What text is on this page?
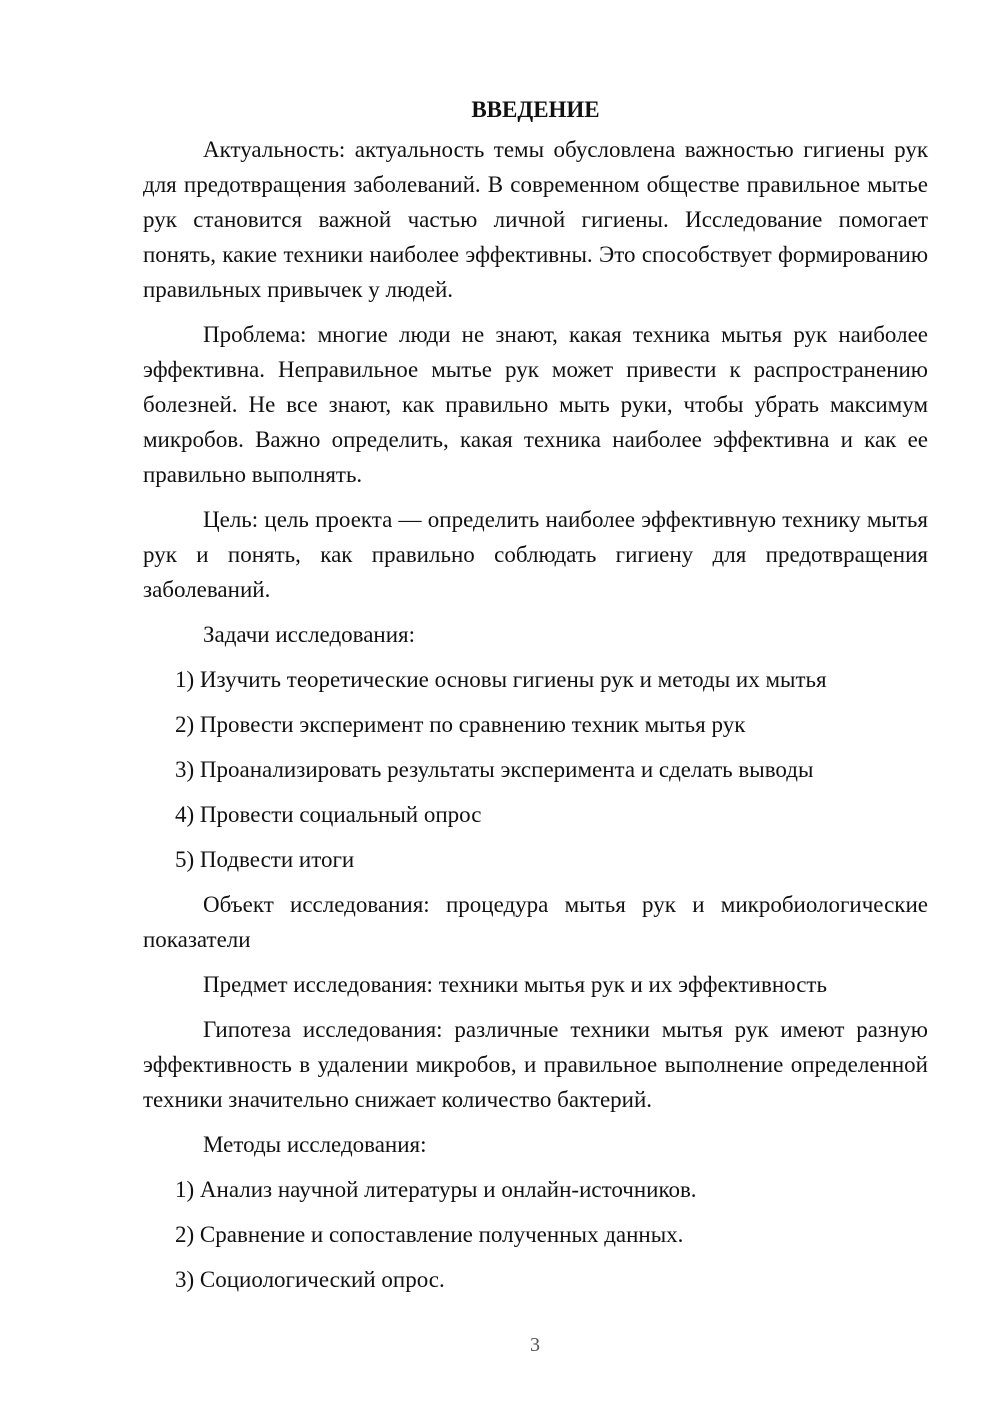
ВВЕДЕНИЕ

Актуальность: актуальность темы обусловлена важностью гигиены рук для предотвращения заболеваний. В современном обществе правильное мытье рук становится важной частью личной гигиены. Исследование помогает понять, какие техники наиболее эффективны. Это способствует формированию правильных привычек у людей.

Проблема: многие люди не знают, какая техника мытья рук наиболее эффективна. Неправильное мытье рук может привести к распространению болезней. Не все знают, как правильно мыть руки, чтобы убрать максимум микробов. Важно определить, какая техника наиболее эффективна и как ее правильно выполнять.

Цель: цель проекта — определить наиболее эффективную технику мытья рук и понять, как правильно соблюдать гигиену для предотвращения заболеваний.

Задачи исследования:

1) Изучить теоретические основы гигиены рук и методы их мытья

2) Провести эксперимент по сравнению техник мытья рук

3) Проанализировать результаты эксперимента и сделать выводы

4) Провести социальный опрос

5) Подвести итоги

Объект исследования: процедура мытья рук и микробиологические показатели

Предмет исследования: техники мытья рук и их эффективность

Гипотеза исследования: различные техники мытья рук имеют разную эффективность в удалении микробов, и правильное выполнение определенной техники значительно снижает количество бактерий.

Методы исследования:

1) Анализ научной литературы и онлайн-источников.

2) Сравнение и сопоставление полученных данных.

3) Социологический опрос.

3
